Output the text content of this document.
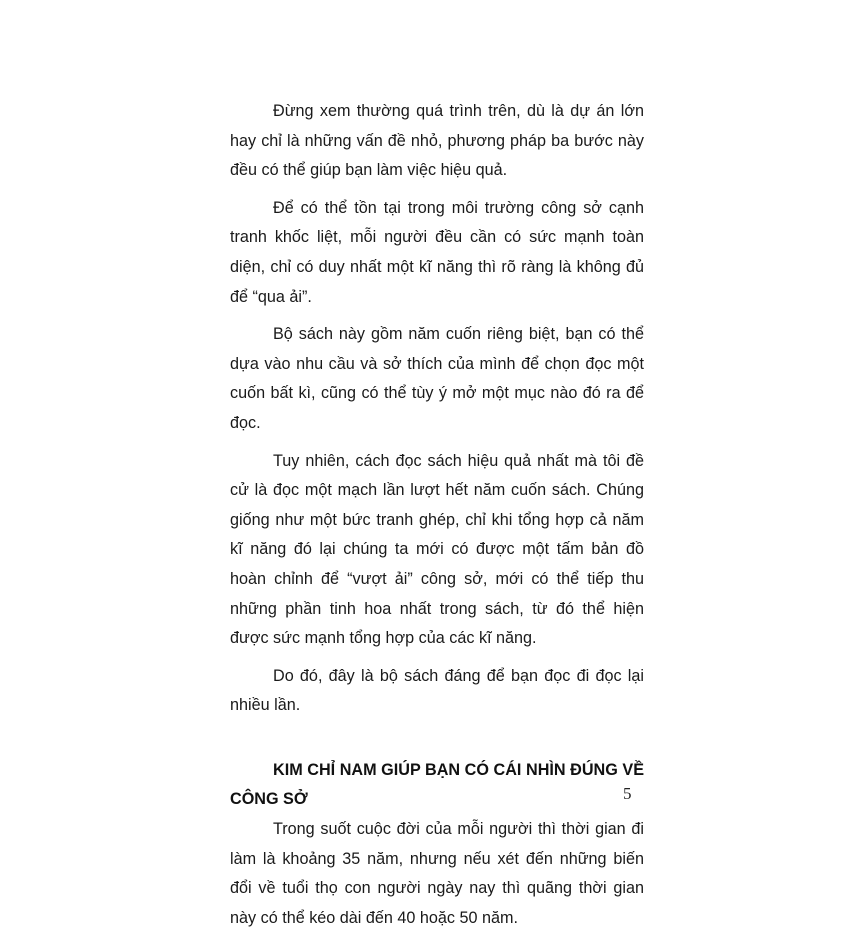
Đừng xem thường quá trình trên, dù là dự án lớn hay chỉ là những vấn đề nhỏ, phương pháp ba bước này đều có thể giúp bạn làm việc hiệu quả.

Để có thể tồn tại trong môi trường công sở cạnh tranh khốc liệt, mỗi người đều cần có sức mạnh toàn diện, chỉ có duy nhất một kĩ năng thì rõ ràng là không đủ để “qua ải”.

Bộ sách này gồm năm cuốn riêng biệt, bạn có thể dựa vào nhu cầu và sở thích của mình để chọn đọc một cuốn bất kì, cũng có thể tùy ý mở một mục nào đó ra để đọc.

Tuy nhiên, cách đọc sách hiệu quả nhất mà tôi đề cử là đọc một mạch lần lượt hết năm cuốn sách. Chúng giống như một bức tranh ghép, chỉ khi tổng hợp cả năm kĩ năng đó lại chúng ta mới có được một tấm bản đồ hoàn chỉnh để “vượt ải” công sở, mới có thể tiếp thu những phần tinh hoa nhất trong sách, từ đó thể hiện được sức mạnh tổng hợp của các kĩ năng.

Do đó, đây là bộ sách đáng để bạn đọc đi đọc lại nhiều lần.

KIM CHỈ NAM GIÚP BẠN CÓ CÁI NHÌN ĐÚNG VỀ CÔNG SỞ

Trong suốt cuộc đời của mỗi người thì thời gian đi làm là khoảng 35 năm, nhưng nếu xét đến những biến đổi về tuổi thọ con người ngày nay thì quãng thời gian này có thể kéo dài đến 40 hoặc 50 năm.

5
